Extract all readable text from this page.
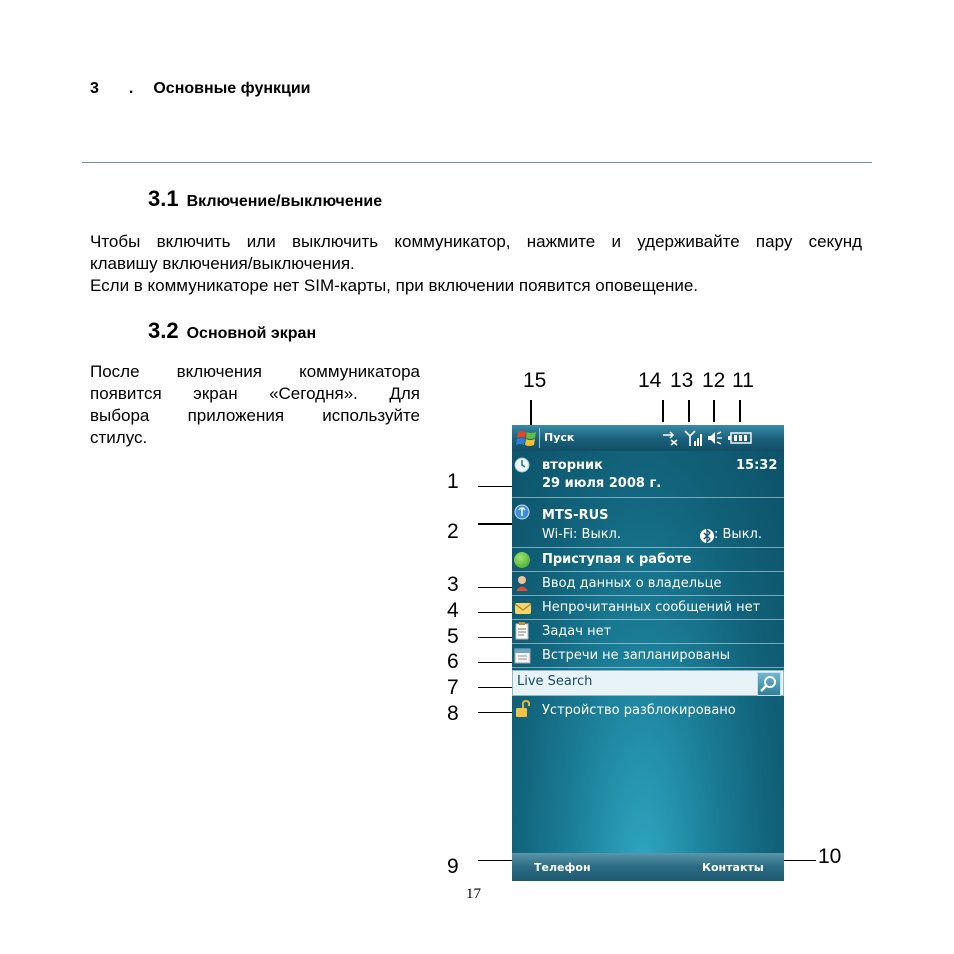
3 . Основные функции
3.1 Включение/выключение
Чтобы включить или выключить коммуникатор, нажмите и удерживайте пару секунд
клавишу включения/выключения.
Если в коммуникаторе нет SIM-карты, при включении появится оповещение.
3.2 Основной экран
После включения коммуникатора
появится экран «Сегодня». Для
выбора приложения используйте
стилус.
15	14 13 12 11
1
2
3
4
5
6
7
8
9	10
Пуск
вторник
29 июля 2008 г.
15:32
MTS-RUS
Wi-Fi: Выкл.	: Выкл.
Приступая к работе
Ввод данных о владельце
Непрочитанных сообщений нет
Задач нет
Встречи не запланированы
Live Search
Устройство разблокировано
Телефон	Контакты
17
